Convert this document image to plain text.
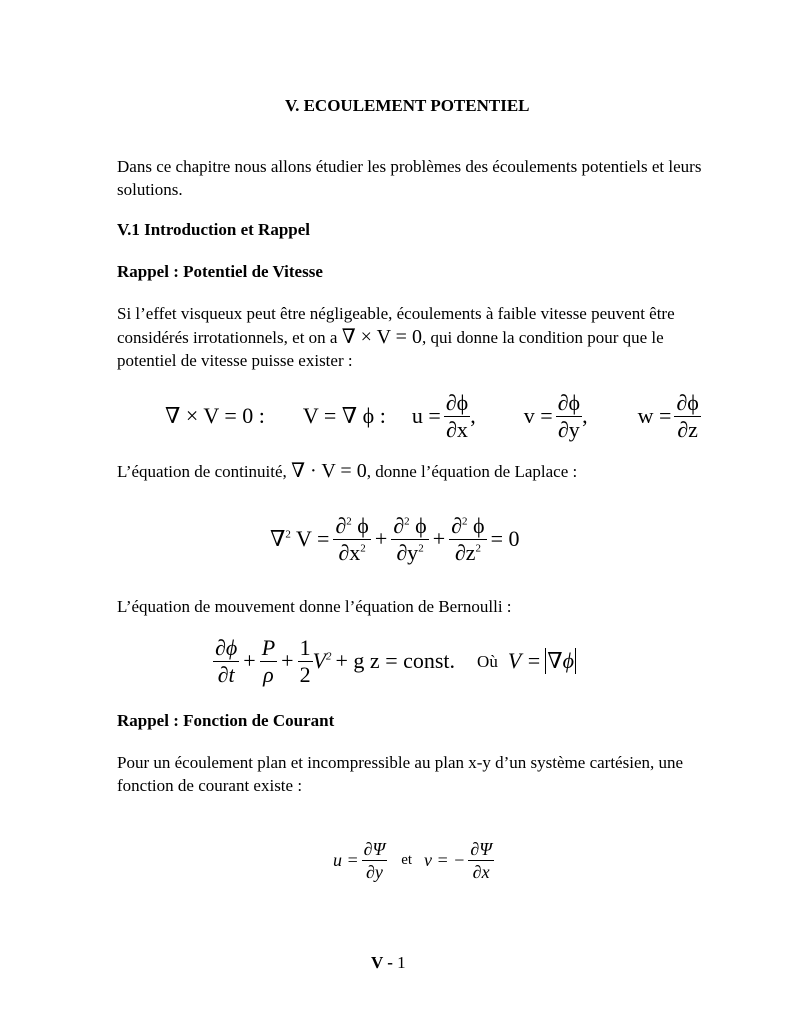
V. ECOULEMENT POTENTIEL
Dans ce chapitre nous allons étudier les problèmes des écoulements potentiels et leurs solutions.
V.1 Introduction et Rappel
Rappel : Potentiel de Vitesse
Si l’effet visqueux peut être négligeable, écoulements à faible vitesse peuvent être considérés irrotationnels, et on a ∇ × V = 0, qui donne la condition pour que le potentiel de vitesse puisse exister :
∇ × V = 0 : V = ∇ ϕ : $u = \frac{\partial\phi}{\partial x}$ , $v = \frac{\partial\phi}{\partial y}$ , $w = \frac{\partial\phi}{\partial z}$
L’équation de continuité, ∇ · V = 0, donne l’équation de Laplace :
∇$^2$ $V = \frac{\partial^2 \phi}{\partial x^2} + \frac{\partial^2 \phi}{\partial y^2} + \frac{\partial^2 \phi}{\partial z^2} = 0$
L’équation de mouvement donne l’équation de Bernoulli :
$\frac{\partial\phi}{\partial t} + \frac{P}{\rho} + \frac{1}{2} V^2 + g$ z = const . Où V = ∇ϕ
Rappel : Fonction de Courant
Pour un écoulement plan et incompressible au plan x-y d’un système cartésien, une fonction de courant existe :
$u = \frac{\partial\Psi}{\partial y}$ et v = − $\frac{\partial\Psi}{\partial x}$
V - 1
